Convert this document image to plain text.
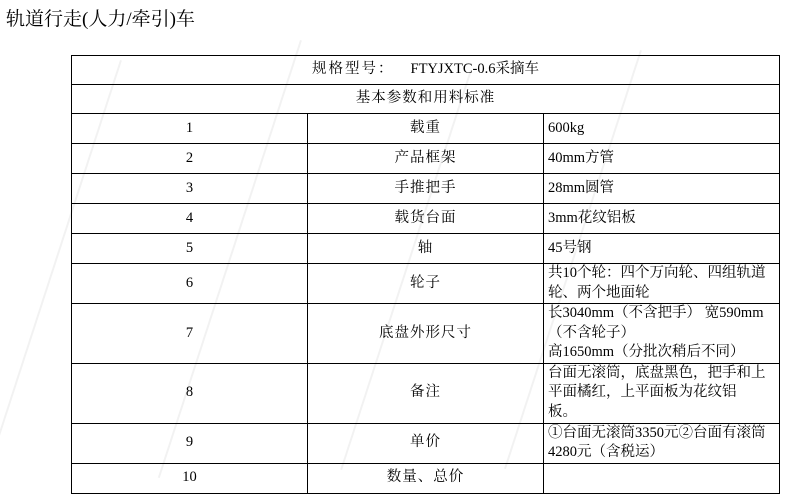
轨道行走(人力/牵引)车
规格型号： FTYJXTC-0.6采摘车		
基本参数和用料标准		
1	载重	600kg
2	产品框架	40mm方管
3	手推把手	28mm圆管
4	载货台面	3mm花纹铝板
5	轴	45号钢
6	轮子	共10个轮：四个万向轮、四组轨道轮、两个地面轮
7	底盘外形尺寸	长3040mm（不含把手） 宽590mm（不含轮子）
高1650mm（分批次稍后不同）

8	备注	台面无滚筒，底盘黑色，把手和上平面橘红，上平面板为花纹铝
板。

9	单价	①台面无滚筒3350元②台面有滚筒4280元（含税运）
10	数量、总价	
